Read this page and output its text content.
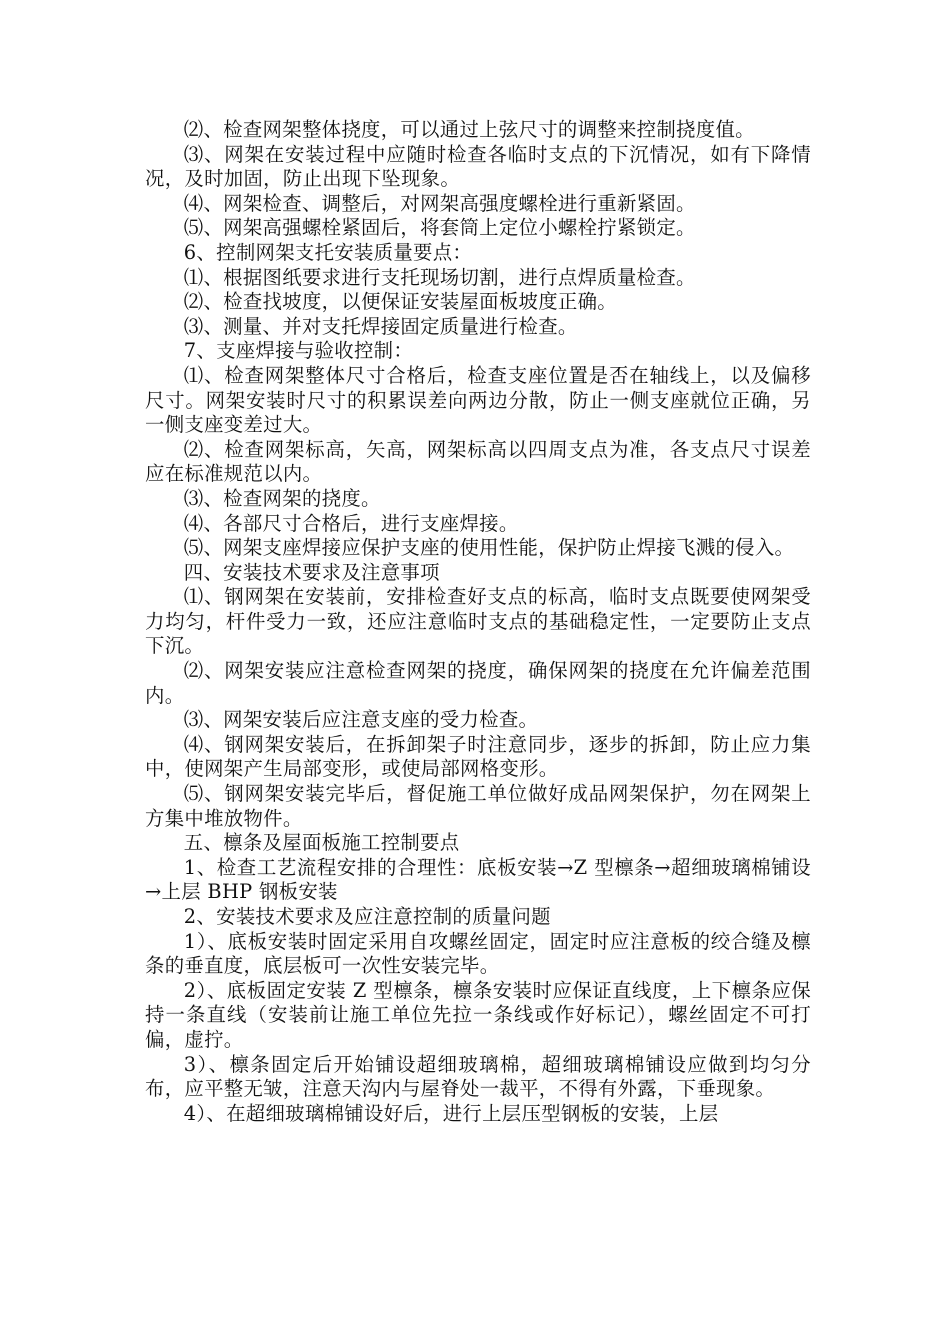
⑵、检查网架整体挠度，可以通过上弦尺寸的调整来控制挠度值。

⑶、网架在安装过程中应随时检查各临时支点的下沉情况，如有下降情况，及时加固，防止出现下坠现象。

⑷、网架检查、调整后，对网架高强度螺栓进行重新紧固。

⑸、网架高强螺栓紧固后，将套筒上定位小螺栓拧紧锁定。

6、控制网架支托安装质量要点：

⑴、根据图纸要求进行支托现场切割，进行点焊质量检查。

⑵、检查找坡度，以便保证安装屋面板坡度正确。

⑶、测量、并对支托焊接固定质量进行检查。

7、支座焊接与验收控制：

⑴、检查网架整体尺寸合格后，检查支座位置是否在轴线上，以及偏移尺寸。网架安装时尺寸的积累误差向两边分散，防止一侧支座就位正确，另一侧支座变差过大。

⑵、检查网架标高，矢高，网架标高以四周支点为准，各支点尺寸误差应在标准规范以内。

⑶、检查网架的挠度。

⑷、各部尺寸合格后，进行支座焊接。

⑸、网架支座焊接应保护支座的使用性能，保护防止焊接飞溅的侵入。

四、安装技术要求及注意事项

⑴、钢网架在安装前，安排检查好支点的标高，临时支点既要使网架受力均匀，杆件受力一致，还应注意临时支点的基础稳定性，一定要防止支点下沉。

⑵、网架安装应注意检查网架的挠度，确保网架的挠度在允许偏差范围内。

⑶、网架安装后应注意支座的受力检查。

⑷、钢网架安装后，在拆卸架子时注意同步，逐步的拆卸，防止应力集中，使网架产生局部变形，或使局部网格变形。

⑸、钢网架安装完毕后，督促施工单位做好成品网架保护，勿在网架上方集中堆放物件。

五、檩条及屋面板施工控制要点

1、检查工艺流程安排的合理性：底板安装→Z 型檩条→超细玻璃棉铺设→上层 BHP 钢板安装

2、安装技术要求及应注意控制的质量问题

1）、底板安装时固定采用自攻螺丝固定，固定时应注意板的绞合缝及檩条的垂直度，底层板可一次性安装完毕。

2）、底板固定安装 Z 型檩条，檩条安装时应保证直线度，上下檩条应保持一条直线（安装前让施工单位先拉一条线或作好标记），螺丝固定不可打偏，虚拧。

3）、檩条固定后开始铺设超细玻璃棉，超细玻璃棉铺设应做到均匀分布，应平整无皱，注意天沟内与屋脊处一裁平，不得有外露，下垂现象。

4）、在超细玻璃棉铺设好后，进行上层压型钢板的安装，上层
